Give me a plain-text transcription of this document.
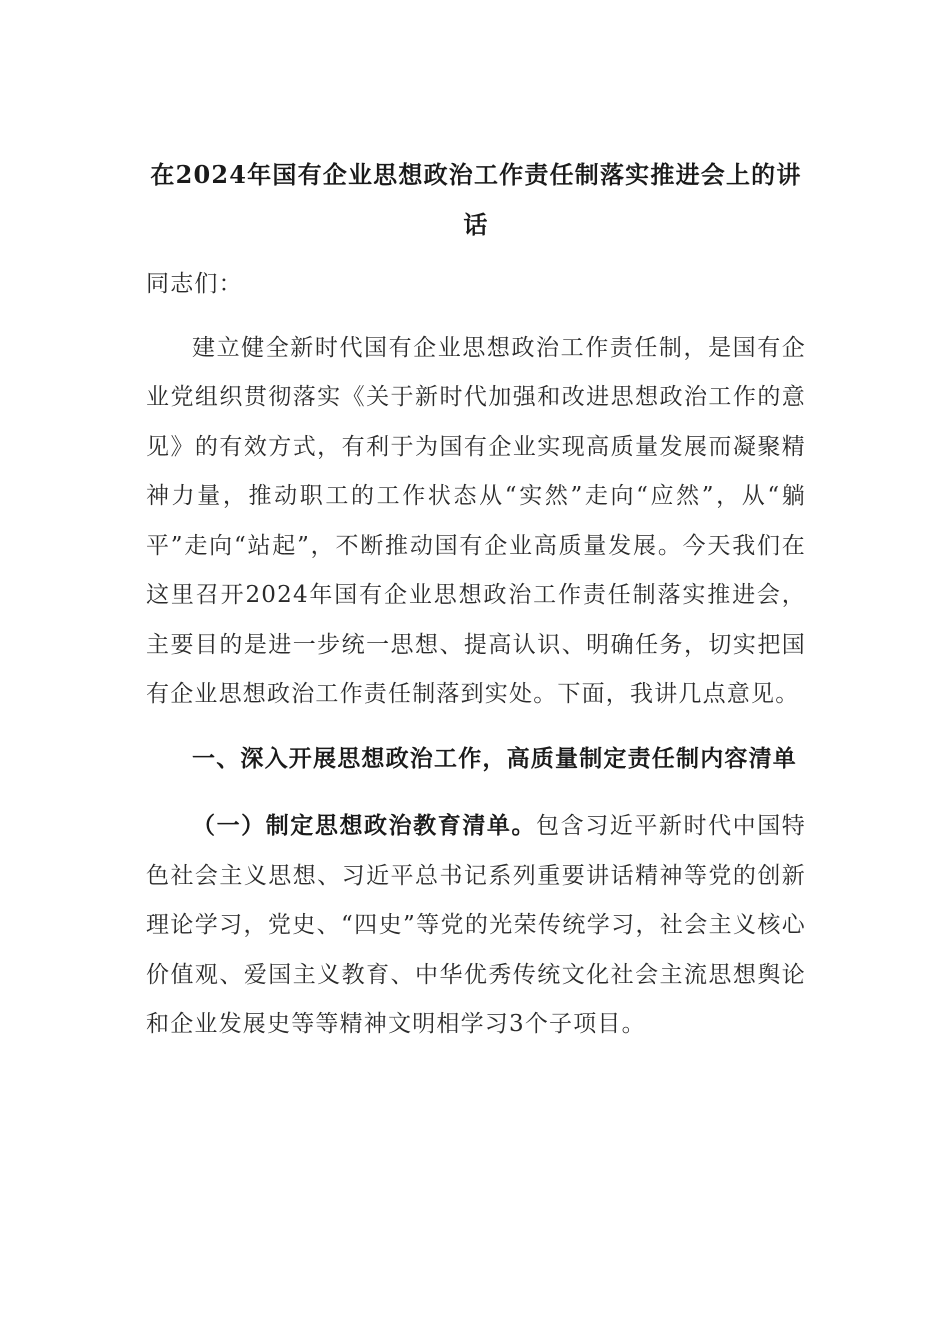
在2024年国有企业思想政治工作责任制落实推进会上的讲话

同志们：

建立健全新时代国有企业思想政治工作责任制，是国有企业党组织贯彻落实《关于新时代加强和改进思想政治工作的意见》的有效方式，有利于为国有企业实现高质量发展而凝聚精神力量，推动职工的工作状态从“实然”走向“应然”，从“躺平”走向“站起”，不断推动国有企业高质量发展。今天我们在这里召开2024年国有企业思想政治工作责任制落实推进会，主要目的是进一步统一思想、提高认识、明确任务，切实把国有企业思想政治工作责任制落到实处。下面，我讲几点意见。

一、深入开展思想政治工作，高质量制定责任制内容清单

（一）制定思想政治教育清单。包含习近平新时代中国特色社会主义思想、习近平总书记系列重要讲话精神等党的创新理论学习，党史、“四史”等党的光荣传统学习，社会主义核心价值观、爱国主义教育、中华优秀传统文化社会主流思想舆论和企业发展史等等精神文明相学习3个子项目。
